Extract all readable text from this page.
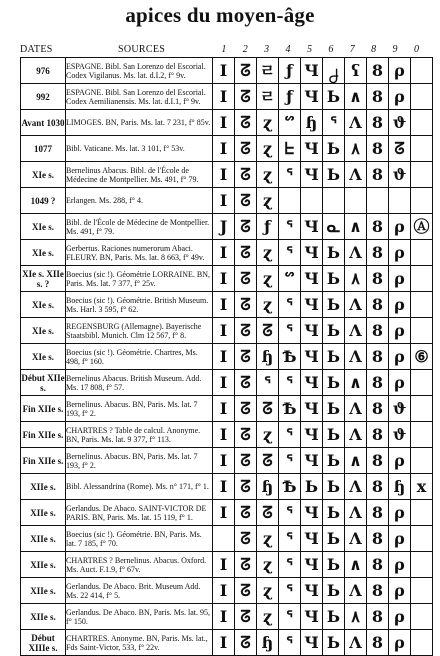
apices du moyen-âge
DATES	SOURCES	1	2	3	4	5	6	7	8	9	0
976	ESPAGNE. Bibl. San Lorenzo del Escorial. Codex Vigilanus. Ms. lat. d.I.2, f° 9v.	I	ᘔ	ㄹ	ƒ	Ч	႕	ʕ	8	ρ	
992	ESPAGNE. Bibl. San Lorenzo del Escorial. Codex Aemilianensis. Ms. lat. d.I.1, f° 9v.	I	ᘔ	ㄹ	ƒ	Ч	Ь	∧	8	ρ	
Avant 1030	LIMOGES. BN, Paris. Ms. lat. 7 231, f° 85v.	I	ᘔ	ɀ	ᔥ	ɧ	ᕐ	Λ	8	ϑ	
1077	Bibl. Vaticane. Ms. lat. 3 101, f° 53v.	I	ᘔ	ɀ	ᖶ	Ч	Ь	٨	8	ᘔ	
XIe s.	Bernelinus Abacus. Bibl. de l'École de Médecine de Montpellier. Ms. 491, f° 79.	I	ᘔ	ɀ	ᕐ	Ч	Ь	Λ	8	ϑ	
1049 ?	Erlangen. Ms. 288, f° 4.	I	ᘔ	ɀ							
XIe s.	Bibl. de l'École de Médecine de Montpellier. Ms. 491, f° 79.	J	ᘔ	ƒ	ᕐ	Ч	ᓇ	∧	8	ρ	Ⓐ
XIe s.	Gerbertus. Raciones numerorum Abaci. FLEURY. BN, Paris. Ms. lat. 8 663, f° 49v.	I	ᘔ	ɀ	ᕐ	Ч	Ь	Λ	8	ρ	
XIe s. XIIe s. ?	Boecius (sic !). Géométrie LORRAINE. BN, Paris. Ms. lat. 7 377, f° 25v.	I	ᘔ	ɀ	ᔥ	Ч	Ь	٨	8	ρ	
XIe s.	Boecius (sic !). Géométrie. British Museum. Ms. Harl. 3 595, f° 62.	I	ᘔ	ɀ	ᕐ	Ч	Ь	Λ	8	ρ	
XIe s.	REGENSBURG (Allemagne). Bayerische Staatsbibl. Munich. Clm 12 567, f° 8.	I	ᘔ	ᘔ	ᕐ	Ч	Ь	Λ	8	ρ	
XIe s.	Boecius (sic !). Géométrie. Chartres, Ms. 498, f° 160.	I	ᘔ	ɧ	Ѣ	Ч	Ь	Λ	8	ρ	⑥
Début XIIe s.	Bernelinus Abacus. British Museum. Add. Ms. 17 808, f° 57.	I	ᘔ	ᕐ	ᕐ	Ч	Ь	∧	8	ρ	
Fin XIIe s.	Bernelinus. Abacus. BN, Paris. Ms. lat. 7 193, f° 2.	I	ᘔ	ᘔ	Ѣ	Ч	Ь	Λ	8	ϑ	
Fin XIIe s.	CHARTRES ? Table de calcul. Anonyme. BN, Paris. Ms. lat. 9 377, f° 113.	I	ᘔ	ɀ	ᕐ	Ч	Ь	Λ	8	ϑ	
Fin XIIe s.	Bernelinus. Abacus. BN, Paris. Ms. lat. 7 193, f° 2.	I	ᘔ	ᘔ	ᕐ	Ч	Ь	∧	8	ρ	
XIIe s.	Bibl. Alessandrina (Rome). Ms. n° 171, f° 1.	I	ᘔ	ɧ	Ѣ	Ь	Ь	Λ	8	ɧ	x
XIIe s.	Gerlandus. De Abaco. SAINT-VICTOR DE PARIS. BN, Paris. Ms. lat. 15 119, f° 1.	I	ᘔ	ᘔ	ᕐ	Ч	Ь	Λ	8	ρ	
XIIe s.	Boecius (sic !). Géométrie. BN, Paris. Ms. lat. 7 185, f° 70.		ᘔ	ɀ	ᕐ	Ч	Ь	Λ	8	ρ	
XIIe s.	CHARTRES ? Bernelinus. Abacus. Oxford. Ms. Auct. F.1.9, f° 67v.	I	ᘔ	ɀ	ᕐ	Ч	Ь	∧	8	ρ	
XIIe s.	Gerlandus. De Abaco. Brit. Museum Add. Ms. 22 414, f° 5.	I	ᘔ	ɀ	ᕐ	Ч	Ь	Λ	8	ρ	
XIIe s.	Gerlandus. De Abaco. BN, Paris. Ms. lat. 95, f° 150.	I	ᘔ	ɀ	ᕐ	Ч	Ь	٨	8	ρ	
Début XIIIe s.	CHARTRES. Anonyme. BN, Paris. Ms. lat., Fds Saint-Victor, 533, f° 22v.	I	ᘔ	ɧ	ᕐ	Ч	Ь	Λ	8	ρ	
